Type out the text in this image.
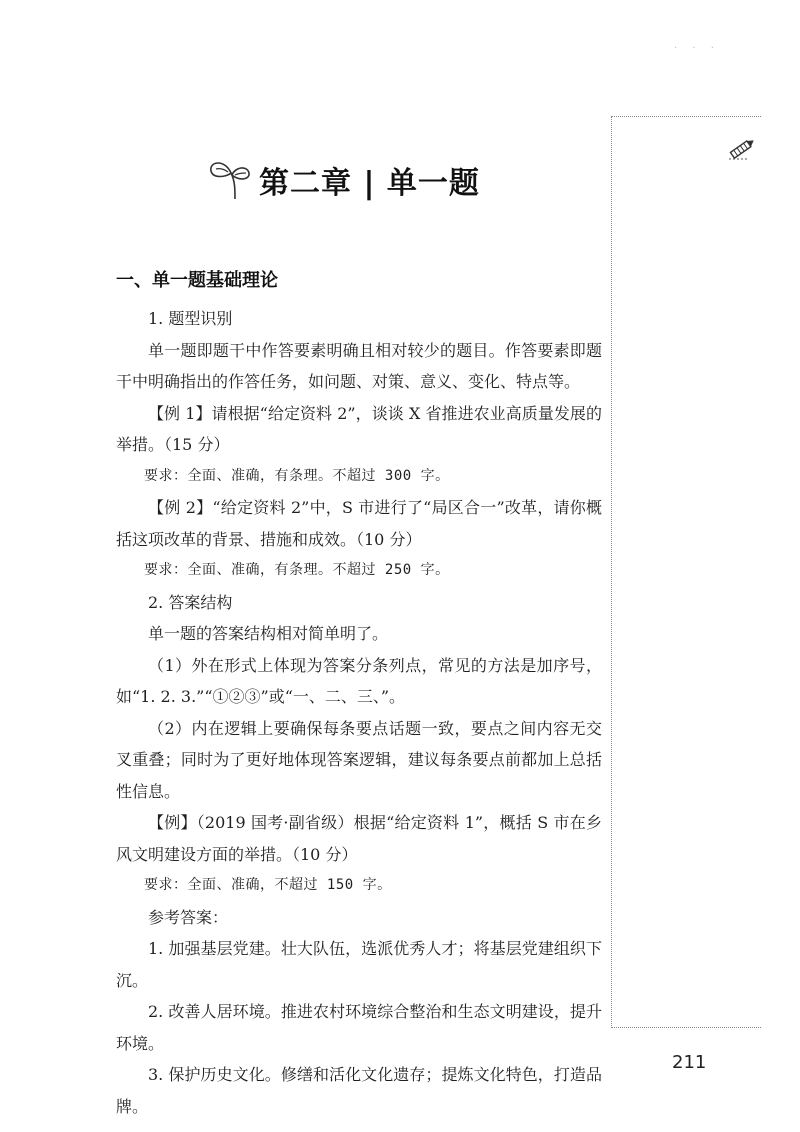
. . .
第二章 | 单一题
一、单一题基础理论

1. 题型识别

单一题即题干中作答要素明确且相对较少的题目。作答要素即题干中明确指出的作答任务，如问题、对策、意义、变化、特点等。

【例 1】请根据“给定资料 2”，谈谈 X 省推进农业高质量发展的举措。（15 分）

要求：全面、准确，有条理。不超过 300 字。

【例 2】“给定资料 2”中，S 市进行了“局区合一”改革，请你概括这项改革的背景、措施和成效。（10 分）

要求：全面、准确，有条理。不超过 250 字。

2. 答案结构

单一题的答案结构相对简单明了。

（1）外在形式上体现为答案分条列点，常见的方法是加序号，如“1. 2. 3.”“①②③”或“一、二、三、”。

（2）内在逻辑上要确保每条要点话题一致，要点之间内容无交叉重叠；同时为了更好地体现答案逻辑，建议每条要点前都加上总括性信息。

【例】（2019 国考·副省级）根据“给定资料 1”，概括 S 市在乡风文明建设方面的举措。（10 分）

要求：全面、准确，不超过 150 字。

参考答案：

1. 加强基层党建。壮大队伍，选派优秀人才；将基层党建组织下沉。

2. 改善人居环境。推进农村环境综合整治和生态文明建设，提升环境。

3. 保护历史文化。修缮和活化文化遗存；提炼文化特色，打造品牌。

211
